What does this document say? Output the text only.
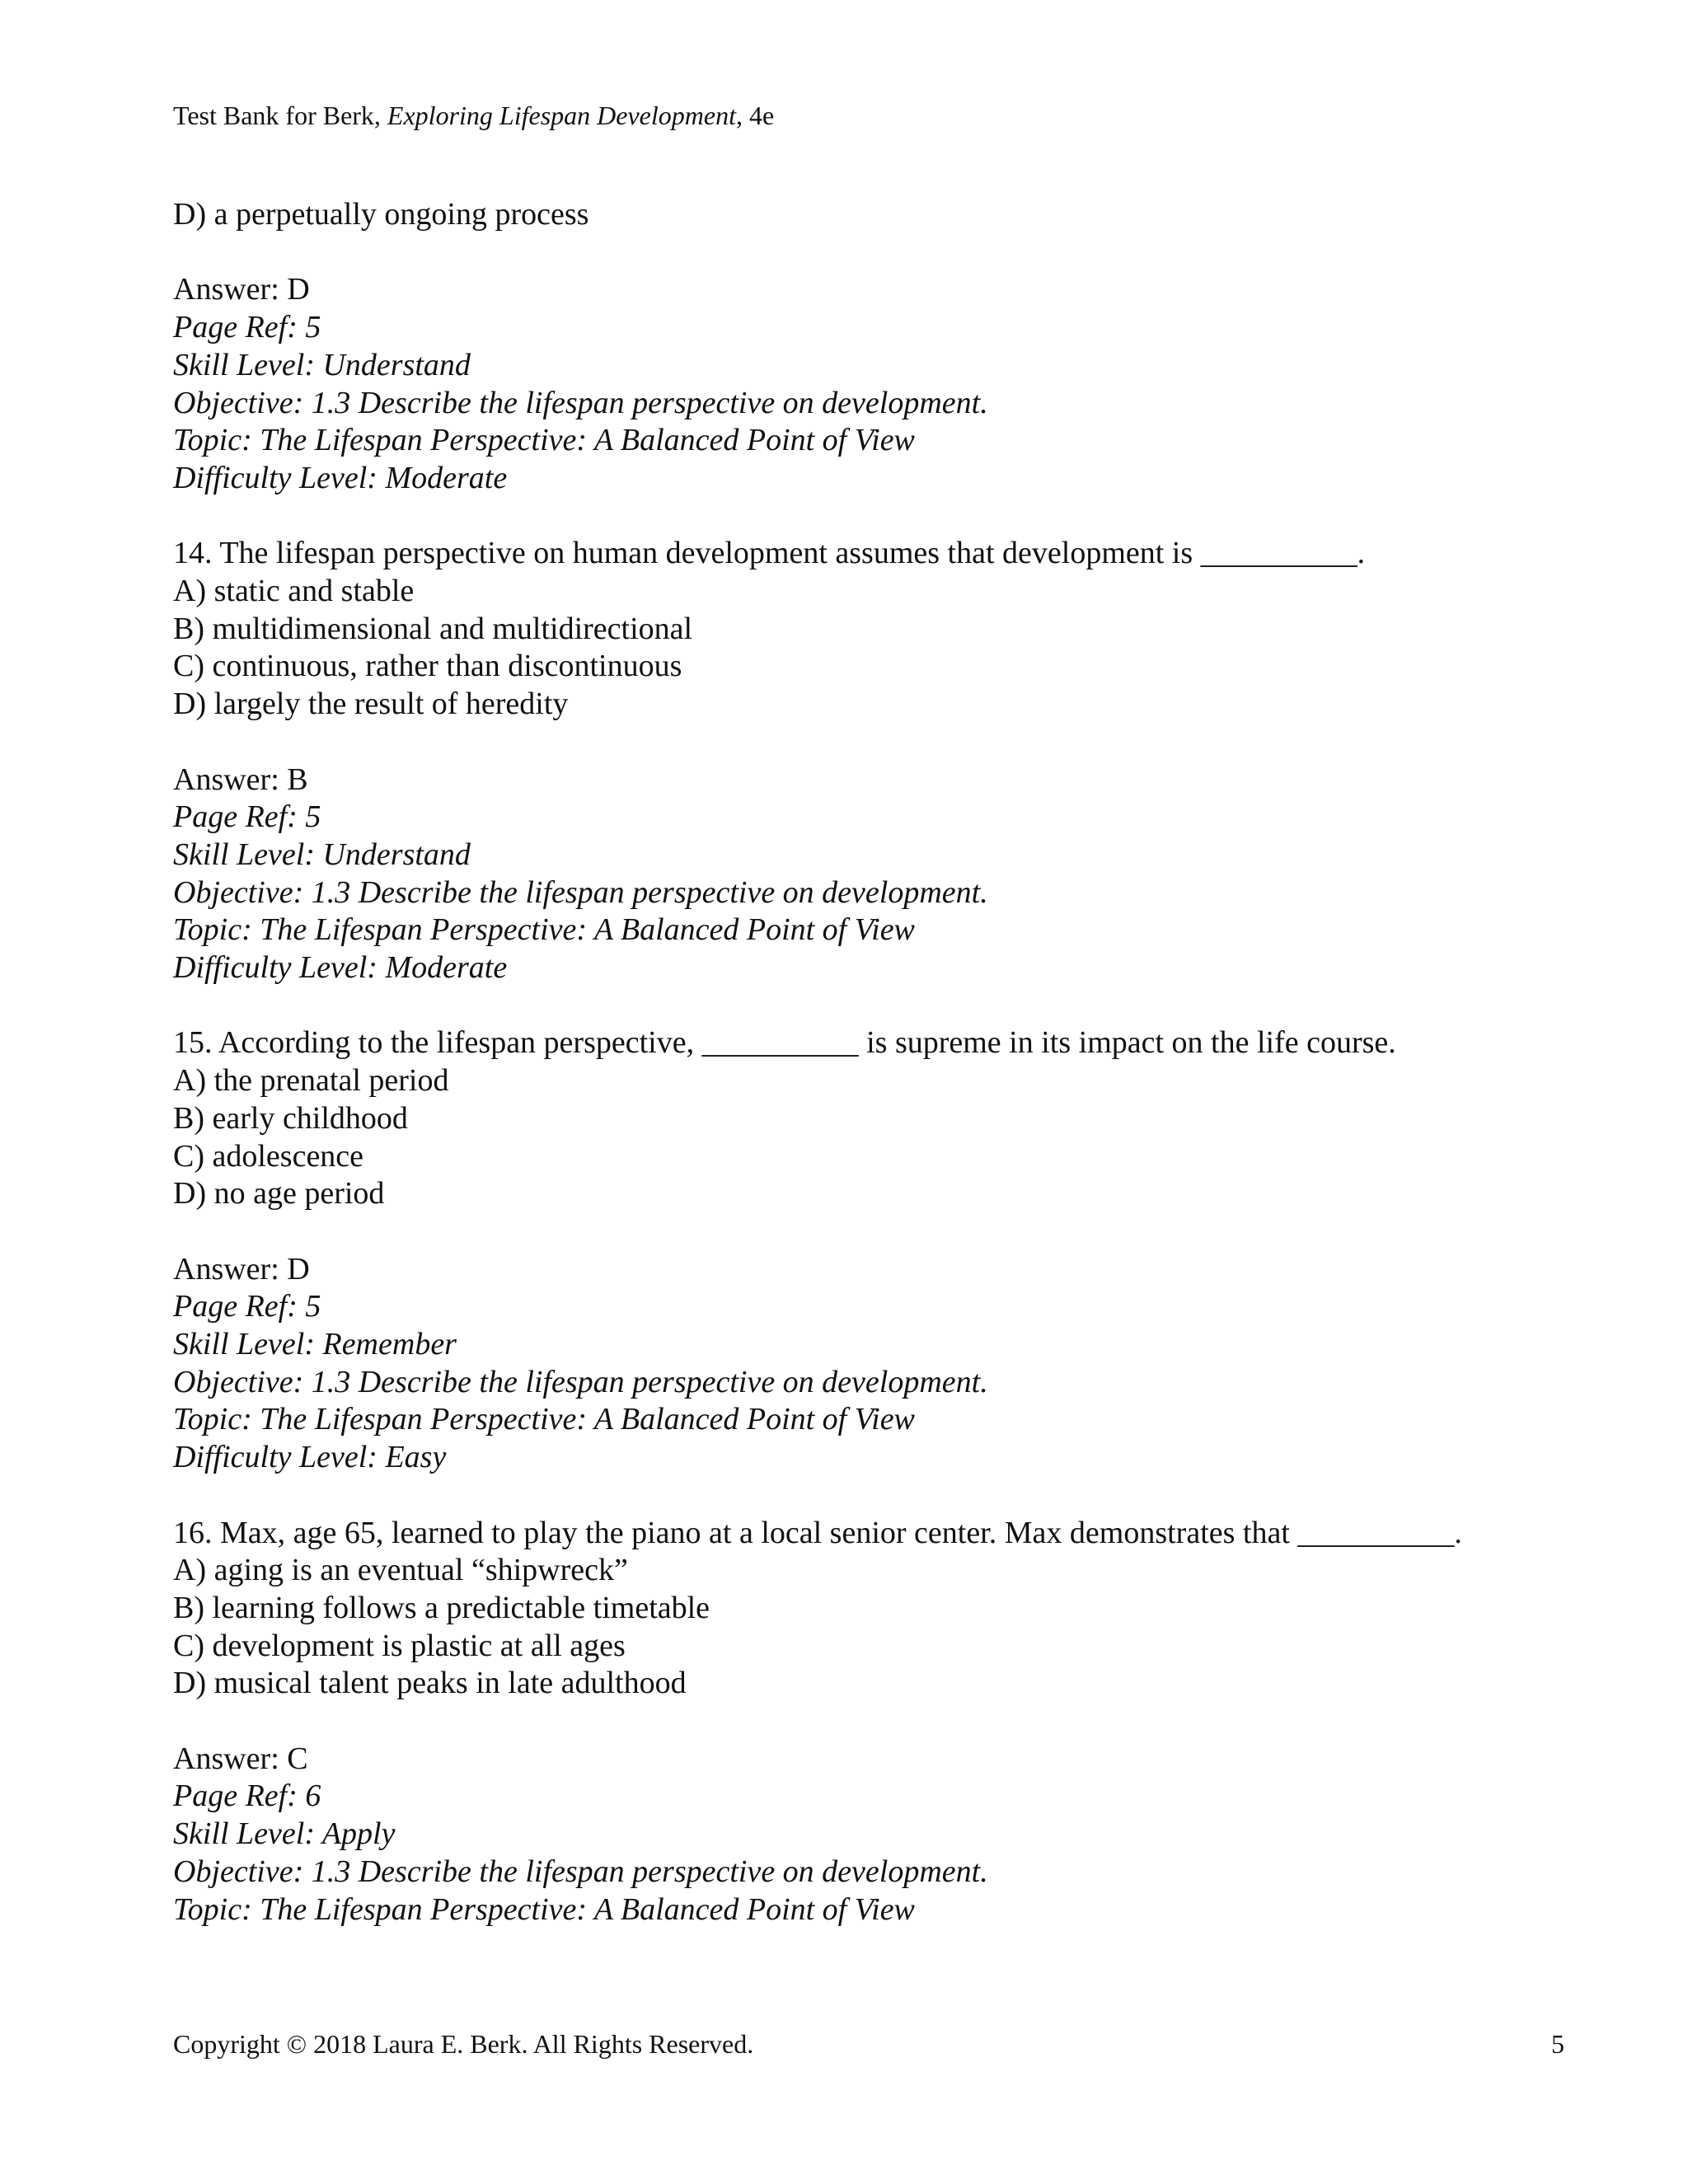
Test Bank for Berk, Exploring Lifespan Development, 4e
D) a perpetually ongoing process
Answer: D
Page Ref: 5
Skill Level: Understand
Objective: 1.3 Describe the lifespan perspective on development.
Topic: The Lifespan Perspective: A Balanced Point of View
Difficulty Level: Moderate
14. The lifespan perspective on human development assumes that development is __________.
A) static and stable
B) multidimensional and multidirectional
C) continuous, rather than discontinuous
D) largely the result of heredity
Answer: B
Page Ref: 5
Skill Level: Understand
Objective: 1.3 Describe the lifespan perspective on development.
Topic: The Lifespan Perspective: A Balanced Point of View
Difficulty Level: Moderate
15. According to the lifespan perspective, __________ is supreme in its impact on the life course.
A) the prenatal period
B) early childhood
C) adolescence
D) no age period
Answer: D
Page Ref: 5
Skill Level: Remember
Objective: 1.3 Describe the lifespan perspective on development.
Topic: The Lifespan Perspective: A Balanced Point of View
Difficulty Level: Easy
16. Max, age 65, learned to play the piano at a local senior center. Max demonstrates that __________.
A) aging is an eventual “shipwreck”
B) learning follows a predictable timetable
C) development is plastic at all ages
D) musical talent peaks in late adulthood
Answer: C
Page Ref: 6
Skill Level: Apply
Objective: 1.3 Describe the lifespan perspective on development.
Topic: The Lifespan Perspective: A Balanced Point of View
Copyright © 2018 Laura E. Berk. All Rights Reserved.	5
